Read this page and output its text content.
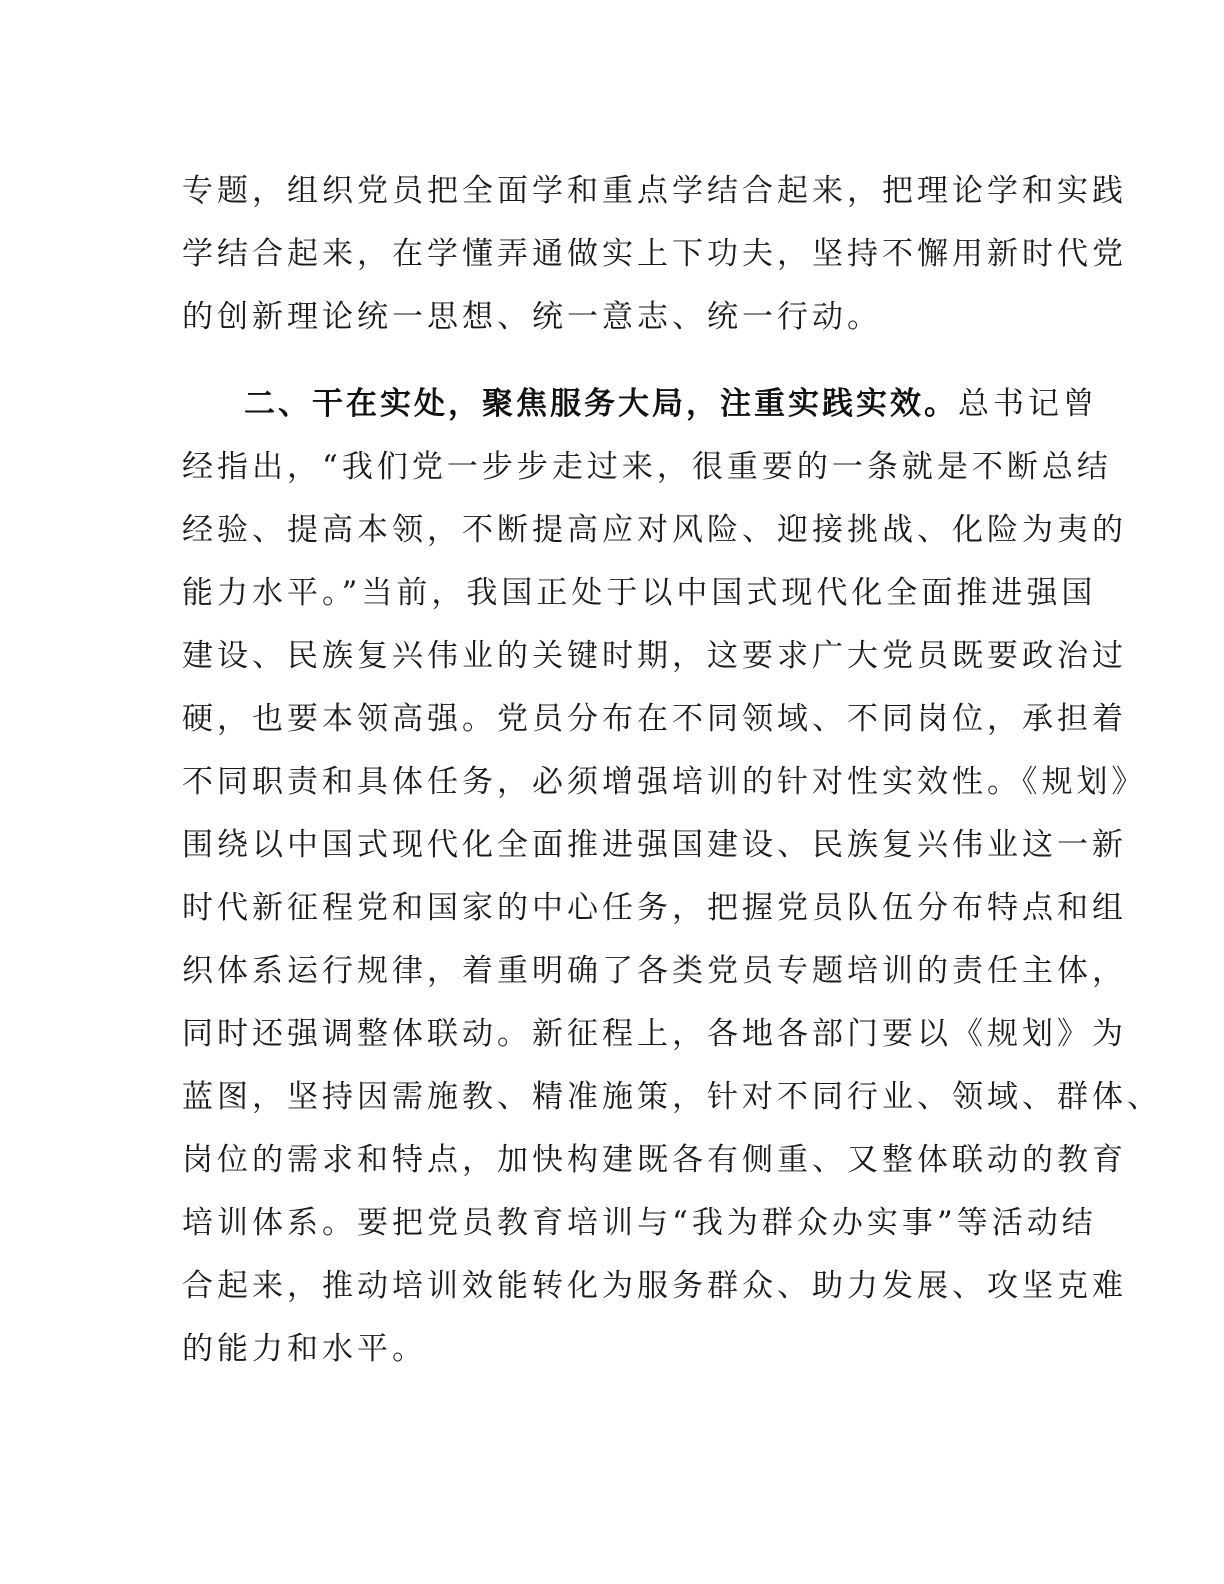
专题，组织党员把全面学和重点学结合起来，把理论学和实践
学结合起来，在学懂弄通做实上下功夫，坚持不懈用新时代党
的创新理论统一思想、统一意志、统一行动。
二、干在实处，聚焦服务大局，注重实践实效。总书记曾
经指出，“我们党一步步走过来，很重要的一条就是不断总结
经验、提高本领，不断提高应对风险、迎接挑战、化险为夷的
能力水平。”当前，我国正处于以中国式现代化全面推进强国
建设、民族复兴伟业的关键时期，这要求广大党员既要政治过
硬，也要本领高强。党员分布在不同领域、不同岗位，承担着
不同职责和具体任务，必须增强培训的针对性实效性。《规划》
围绕以中国式现代化全面推进强国建设、民族复兴伟业这一新
时代新征程党和国家的中心任务，把握党员队伍分布特点和组
织体系运行规律，着重明确了各类党员专题培训的责任主体，
同时还强调整体联动。新征程上，各地各部门要以《规划》为
蓝图，坚持因需施教、精准施策，针对不同行业、领域、群体、
岗位的需求和特点，加快构建既各有侧重、又整体联动的教育
培训体系。要把党员教育培训与“我为群众办实事”等活动结
合起来，推动培训效能转化为服务群众、助力发展、攻坚克难
的能力和水平。
